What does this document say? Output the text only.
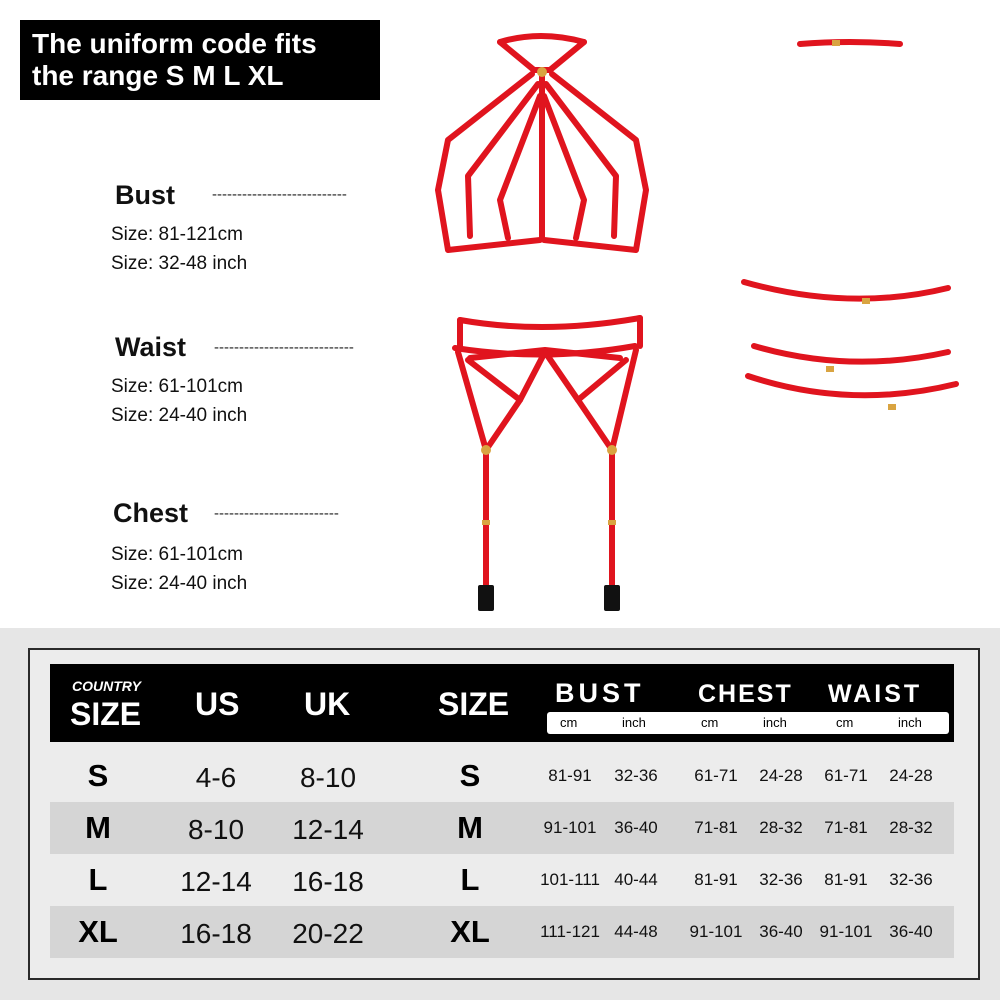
The uniform code fits
the range S M L XL
Bust ---------------------------
Size: 81-121cm
Size: 32-48 inch
Waist ----------------------------
Size: 61-101cm
Size: 24-40 inch
Chest -------------------------
Size: 61-101cm
Size: 24-40 inch
COUNTRY
SIZE US UK	SIZE BUST CHEST WAIST
cm	inch	cm	inch	cm	inch
S	4-6	8-10	S	81-91	32-36	61-71	24-28	61-71	24-28
M	8-10	12-14	M	91-101	36-40	71-81	28-32	71-81	28-32
L	12-14	16-18	L	101-111 40-44	81-91	32-36	81-91	32-36
XL	16-18	20-22	XL	111-121 44-48	91-101 36-40 91-101 36-40
